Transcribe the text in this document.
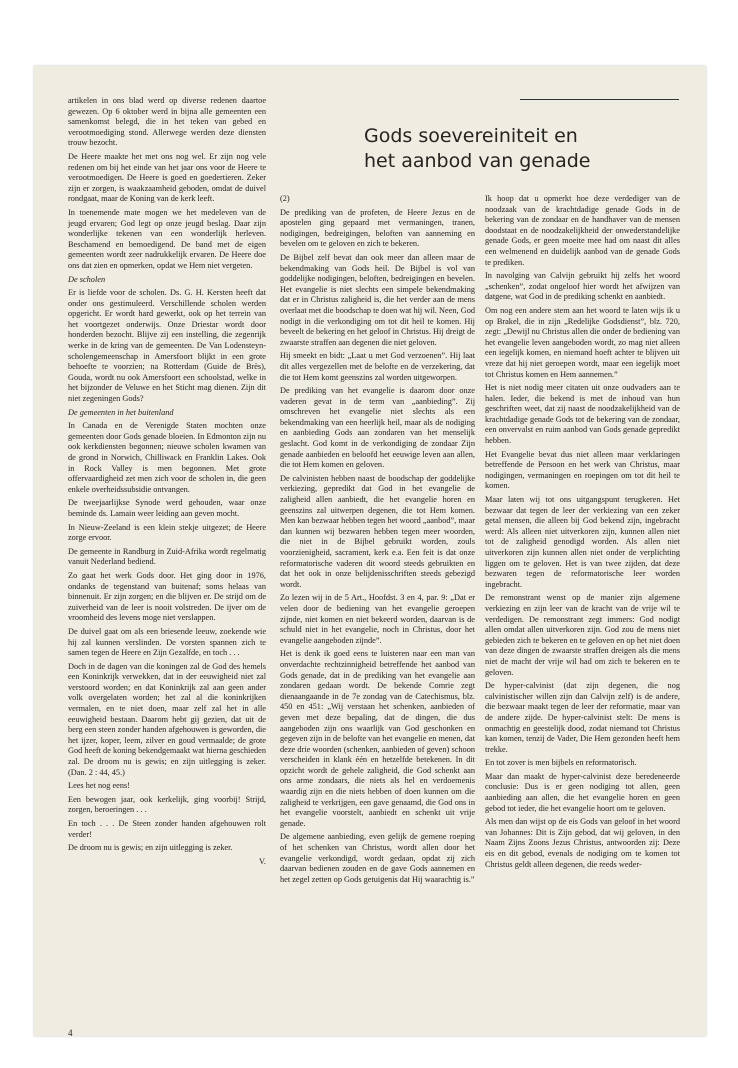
artikelen in ons blad werd op diverse redenen daartoe gewezen. Op 6 oktober werd in bijna alle gemeenten een samenkomst belegd, die in het teken van gebed en verootmoediging stond. Allerwege werden deze diensten trouw bezocht.

De Heere maakte het met ons nog wel. Er zijn nog vele redenen om bij het einde van het jaar ons voor de Heere te verootmoedigen. De Heere is goed en goedertieren. Zeker zijn er zorgen, is waakzaamheid geboden, omdat de duivel rondgaat, maar de Koning van de kerk leeft.

In toenemende mate mogen we het medeleven van de jeugd ervaren; God legt op onze jeugd beslag. Daar zijn wonderlijke tekenen van een wonderlijk herleven. Beschamend en bemoedigend. De band met de eigen gemeenten wordt zeer nadrukkelijk ervaren. De Heere doe ons dat zien en opmerken, opdat we Hem niet vergeten.

De scholen

Er is liefde voor de scholen. Ds. G. H. Kersten heeft dat onder ons gestimuleerd. Verschillende scholen werden opgericht. Er wordt hard gewerkt, ook op het terrein van het voortgezet onderwijs. Onze Driestar wordt door honderden bezocht. Blijve zij een instelling, die zegenrijk werke in de kring van de gemeenten. De Van Lodensteyn-scholengemeenschap in Amersfoort blijkt in een grote behoefte te voorzien; na Rotterdam (Guide de Brès), Gouda, wordt nu ook Amersfoort een schoolstad, welke in het bijzonder de Veluwe en het Sticht mag dienen. Zijn dit niet zegeningen Gods?

De gemeenten in het buitenland

In Canada en de Verenigde Staten mochten onze gemeenten door Gods genade bloeien. In Edmonton zijn nu ook kerkdiensten begonnen; nieuwe scholen kwamen van de grond in Norwich, Chilliwack en Franklin Lakes. Ook in Rock Valley is men begonnen. Met grote offervaardigheid zet men zich voor de scholen in, die geen enkele overheidssubsidie ontvangen.

De tweejaarlijkse Synode werd gehouden, waar onze beminde ds. Lamain weer leiding aan geven mocht.

In Nieuw-Zeeland is een klein stekje uitgezet; de Heere zorge ervoor.

De gemeente in Randburg in Zuid-Afrika wordt regelmatig vanuit Nederland bediend.

Zo gaat het werk Gods door. Het ging door in 1976, ondanks de tegenstand van buitenaf; soms helaas van binnenuit. Er zijn zorgen; en die blijven er. De strijd om de zuiverheid van de leer is nooit volstreden. De ijver om de vroomheid des levens moge niet verslappen.

De duivel gaat om als een briesende leeuw, zoekende wie hij zal kunnen verslinden. De vorsten spannen zich te samen tegen de Heere en Zijn Gezalfde, en toch . . .

Doch in de dagen van die koningen zal de God des hemels een Koninkrijk verwekken, dat in der eeuwigheid niet zal verstoord worden; en dat Koninkrijk zal aan geen ander volk overgelaten worden; het zal al die koninkrijken vermalen, en te niet doen, maar zelf zal het in alle eeuwigheid bestaan. Daarom hebt gij gezien, dat uit de berg een steen zonder handen afgehouwen is geworden, die het ijzer, koper, leem, zilver en goud vermaalde; de grote God heeft de koning bekendgemaakt wat hierna geschieden zal. De droom nu is gewis; en zijn uitlegging is zeker. (Dan. 2 : 44, 45.)

Lees het nog eens!

Een bewogen jaar, ook kerkelijk, ging voorbij! Strijd, zorgen, beroeringen . . .

En toch . . . De Steen zonder handen afgehouwen rolt verder!

De droom nu is gewis; en zijn uitlegging is zeker.

V.
Gods soevereiniteit en
het aanbod van genade

(2)

De prediking van de profeten, de Heere Jezus en de apostelen ging gepaard met vermaningen, tranen, nodigingen, bedreigingen, beloften van aanneming en bevelen om te geloven en zich te bekeren.

De Bijbel zelf bevat dan ook meer dan alleen maar de bekendmaking van Gods heil. De Bijbel is vol van goddelijke nodigingen, beloften, bedreigingen en bevelen. Het evangelie is niet slechts een simpele bekendmaking dat er in Christus zaligheid is, die het verder aan de mens overlaat met die boodschap te doen wat hij wil. Neen, God nodigt in die verkondiging om tot dit heil te komen. Hij beveelt de bekering en het geloof in Christus. Hij dreigt de zwaarste straffen aan degenen die niet geloven.

Hij smeekt en bidt: „Laat u met God verzoenen”. Hij laat dit alles vergezellen met de belofte en de verzekering, dat die tot Hem komt geenszins zal worden uitgeworpen.

De prediking van het evangelie is daarom door onze vaderen gevat in de term van „aanbieding”. Zij omschreven het evangelie niet slechts als een bekendmaking van een heerlijk heil, maar als de nodiging en aanbieding Gods aan zondaren van het menselijk geslacht. God komt in de verkondiging de zondaar Zijn genade aanbieden en beloofd het eeuwige leven aan allen, die tot Hem komen en geloven.

De calvinisten hebben naast de boodschap der goddelijke verkiezing, gepredikt dat God in het evangelie de zaligheid allen aanbiedt, die het evangelie horen en geenszins zal uitwerpen degenen, die tot Hem komen. Men kan bezwaar hebben tegen het woord „aanbod”, maar dan kunnen wij bezwaren hebben tegen meer woorden, die niet in de Bijbel gebruikt worden, zouls voorzienigheid, sacrament, kerk e.a. Een feit is dat onze reformatorische vaderen dit woord steeds gebruikten en dat het ook in onze belijdenisschriften steeds gebezigd wordt.

Zo lezen wij in de 5 Art., Hoofdst. 3 en 4, par. 9: „Dat er velen door de bediening van het evangelie geroepen zijnde, niet komen en niet bekeerd worden, daarvan is de schuld niet in het evangelie, noch in Christus, door het evangelie aangeboden zijnde”.

Het is denk ik goed eens te luisteren naar een man van onverdachte rechtzinnigheid betreffende het aanbod van Gods genade, dat in de prediking van het evangelie aan zondaren gedaan wordt. De bekende Comrie zegt dienaangaande in de 7e zondag van de Catechismus, blz. 450 en 451: „Wij verstaan het schenken, aanbieden of geven met deze bepaling, dat de dingen, die dus aangeboden zijn ons waarlijk van God geschonken en gegeven zijn in de belofte van het evangelie en menen, dat deze drie woorden (schenken, aanbieden of geven) schoon verscheiden in klank één en hetzelfde betekenen. In dit opzicht wordt de gehele zaligheid, die God schenkt aan ons arme zondaars, die niets als hel en verdoemenis waardig zijn en die niets hebben of doen kunnen om die zaligheid te verkrijgen, een gave genaamd, die God ons in het evangelie voorstelt, aanbiedt en schenkt uit vrije genade.

De algemene aanbieding, even gelijk de gemene roeping of het schenken van Christus, wordt allen door het evangelie verkondigd, wordt gedaan, opdat zij zich daarvan bedienen zouden en de gave Gods aannemen en het zegel zetten op Gods getuigenis dat Hij waarachtig is.”

Ik hoop dat u opmerkt hoe deze verdediger van de noodzaak van de krachtdadige genade Gods in de bekering van de zondaar en de handhaver van de mensen doodstaat en de noodzakelijkheid der onwederstandelijke genade Gods, er geen moeite mee had om naast dit alles een welmenend en duidelijk aanbod van de genade Gods te prediken.

In navolging van Calvijn gebruikt hij zelfs het woord „schenken”, zodat ongeloof hier wordt het afwijzen van datgene, wat God in de prediking schenkt en aanbiedt.

Om nog een andere stem aan het woord te laten wijs ik u op Brakel, die in zijn „Redelijke Godsdienst”, blz. 720, zegt: „Dewijl nu Christus allen die onder de bediening van het evangelie leven aangeboden wordt, zo mag niet alleen een iegelijk komen, en niemand hoeft achter te blijven uit vreze dat hij niet geroepen wordt, maar een iegelijk moet tot Christus komen en Hem aannemen.”

Het is niet nodig meer citaten uit onze oudvaders aan te halen. Ieder, die bekend is met de inhoud van hun geschriften weet, dat zij naast de noodzakelijkheid van de krachtdadige genade Gods tot de bekering van de zondaar, een onvervalst en ruim aanbod van Gods genade gepredikt hebben.

Het Evangelie bevat dus niet alleen maar verklaringen betreffende de Persoon en het werk van Christus, maar nodigingen, vermaningen en roepingen om tot dit heil te komen.

Maar laten wij tot ons uitgangspunt terugkeren. Het bezwaar dat tegen de leer der verkiezing van een zeker getal mensen, die alleen bij God bekend zijn, ingebracht werd: Als alleen niet uitverkoren zijn, kunnen allen niet tot de zaligheid genodigd worden. Als allen niet uitverkoren zijn kunnen allen niet onder de verplichting liggen om te geloven. Het is van twee zijden, dat deze bezwaren tegen de reformatorische leer worden ingebracht.

De remonstrant wenst op de manier zijn algemene verkiezing en zijn leer van de kracht van de vrije wil te verdedigen. De remonstrant zegt immers: God nodigt allen omdat allen uitverkoren zijn. God zou de mens niet gebieden zich te bekeren en te geloven en op het niet doen van deze dingen de zwaarste straffen dreigen als die mens niet de macht der vrije wil had om zich te bekeren en te geloven.

De hyper-calvinist (dat zijn degenen, die nog calvinistischer willen zijn dan Calvijn zelf) is de andere, die bezwaar maakt tegen de leer der reformatie, maar van de andere zijde. De hyper-calvinist stelt: De mens is onmachtig en geestelijk dood, zodat niemand tot Christus kan komen, tenzij de Vader, Die Hem gezonden heeft hem trekke.

En tot zover is men bijbels en reformatorisch.

Maar dan maakt de hyper-calvinist deze beredeneerde conclusie: Dus is er geen nodiging tot allen, geen aanbieding aan allen, die het evangelie horen en geen gebod tot ieder, die het evangelie hoort om te geloven.

Als men dan wijst op de eis Gods van geloof in het woord van Johannes: Dit is Zijn gebod, dat wij geloven, in den Naam Zijns Zoons Jezus Christus, antwoorden zij: Deze eis en dit gebod, evenals de nodiging om te komen tot Christus geldt alleen degenen, die reeds weder-

4
